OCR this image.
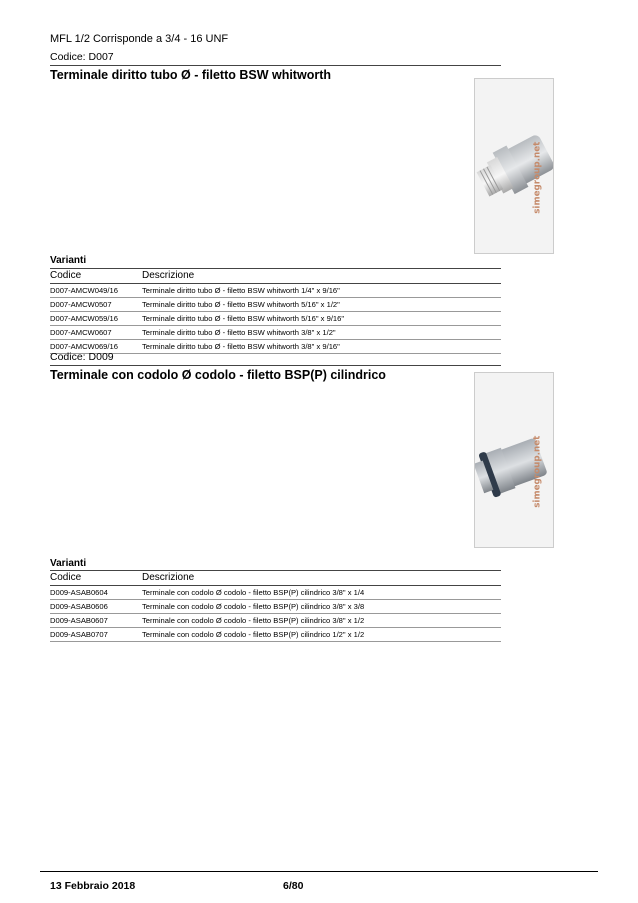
MFL 1/2 Corrisponde a 3/4 - 16 UNF
Codice: D007
Terminale diritto tubo Ø - filetto BSW whitworth
simegroup.net
Varianti
Codice	Descrizione
D007-AMCW049/16	Terminale diritto tubo Ø - filetto BSW whitworth 1/4" x 9/16"
D007-AMCW0507	Terminale diritto tubo Ø - filetto BSW whitworth 5/16" x 1/2"
D007-AMCW059/16	Terminale diritto tubo Ø - filetto BSW whitworth 5/16" x 9/16"
D007-AMCW0607	Terminale diritto tubo Ø - filetto BSW whitworth 3/8" x 1/2"
D007-AMCW069/16	Terminale diritto tubo Ø - filetto BSW whitworth 3/8" x 9/16"
Codice: D009
Terminale con codolo Ø codolo - filetto BSP(P) cilindrico
simegroup.net
Varianti
Codice	Descrizione
D009-ASAB0604	Terminale con codolo Ø codolo - filetto BSP(P) cilindrico 3/8" x 1/4
D009-ASAB0606	Terminale con codolo Ø codolo - filetto BSP(P) cilindrico 3/8" x 3/8
D009-ASAB0607	Terminale con codolo Ø codolo - filetto BSP(P) cilindrico 3/8" x 1/2
D009-ASAB0707	Terminale con codolo Ø codolo - filetto BSP(P) cilindrico 1/2" x 1/2
13 Febbraio 2018	6/80
